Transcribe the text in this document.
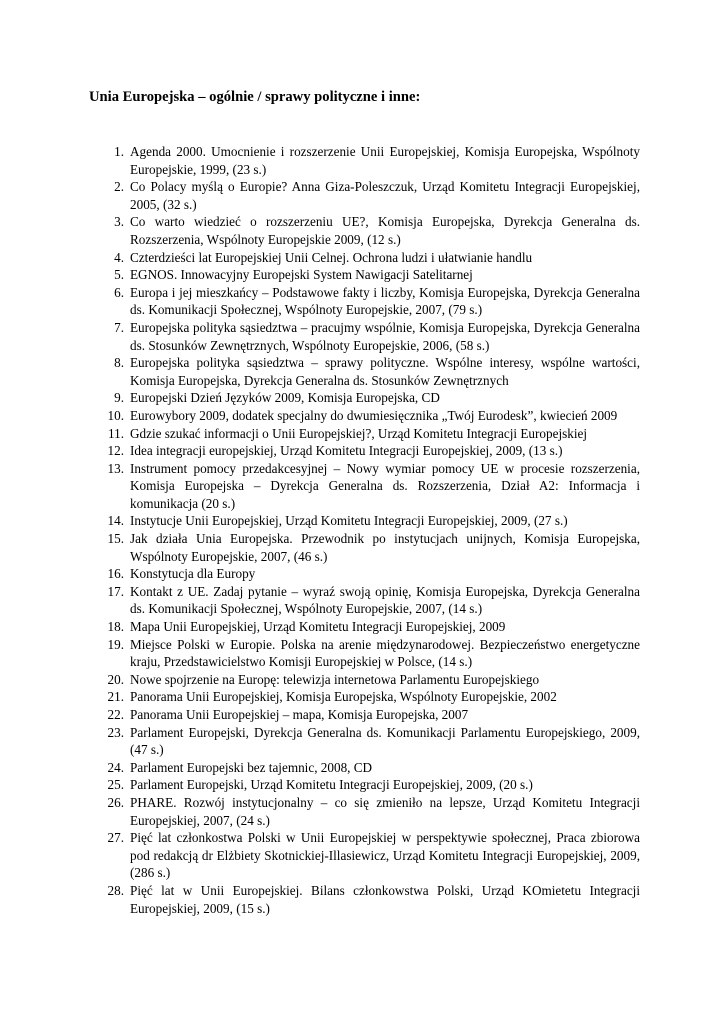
Unia Europejska – ogólnie / sprawy polityczne i inne:
1. Agenda 2000. Umocnienie i rozszerzenie Unii Europejskiej, Komisja Europejska, Wspólnoty Europejskie, 1999, (23 s.)
2. Co Polacy myślą o Europie? Anna Giza-Poleszczuk, Urząd Komitetu Integracji Europejskiej, 2005, (32 s.)
3. Co warto wiedzieć o rozszerzeniu UE?, Komisja Europejska, Dyrekcja Generalna ds. Rozszerzenia, Wspólnoty Europejskie 2009, (12 s.)
4. Czterdzieści lat Europejskiej Unii Celnej. Ochrona ludzi i ułatwianie handlu
5. EGNOS. Innowacyjny Europejski System Nawigacji Satelitarnej
6. Europa i jej mieszkańcy – Podstawowe fakty i liczby, Komisja Europejska, Dyrekcja Generalna ds. Komunikacji Społecznej, Wspólnoty Europejskie, 2007, (79 s.)
7. Europejska polityka sąsiedztwa – pracujmy wspólnie, Komisja Europejska, Dyrekcja Generalna ds. Stosunków Zewnętrznych, Wspólnoty Europejskie, 2006, (58 s.)
8. Europejska polityka sąsiedztwa – sprawy polityczne. Wspólne interesy, wspólne wartości, Komisja Europejska, Dyrekcja Generalna ds. Stosunków Zewnętrznych
9. Europejski Dzień Języków 2009, Komisja Europejska, CD
10. Eurowybory 2009, dodatek specjalny do dwumiesięcznika „Twój Eurodesk”, kwiecień 2009
11. Gdzie szukać informacji o Unii Europejskiej?, Urząd Komitetu Integracji Europejskiej
12. Idea integracji europejskiej, Urząd Komitetu Integracji Europejskiej, 2009, (13 s.)
13. Instrument pomocy przedakcesyjnej – Nowy wymiar pomocy UE w procesie rozszerzenia, Komisja Europejska – Dyrekcja Generalna ds. Rozszerzenia, Dział A2: Informacja i komunikacja (20 s.)
14. Instytucje Unii Europejskiej, Urząd Komitetu Integracji Europejskiej, 2009, (27 s.)
15. Jak działa Unia Europejska. Przewodnik po instytucjach unijnych, Komisja Europejska, Wspólnoty Europejskie, 2007, (46 s.)
16. Konstytucja dla Europy
17. Kontakt z UE. Zadaj pytanie – wyraź swoją opinię, Komisja Europejska, Dyrekcja Generalna ds. Komunikacji Społecznej, Wspólnoty Europejskie, 2007, (14 s.)
18. Mapa Unii Europejskiej, Urząd Komitetu Integracji Europejskiej, 2009
19. Miejsce Polski w Europie. Polska na arenie międzynarodowej. Bezpieczeństwo energetyczne kraju, Przedstawicielstwo Komisji Europejskiej w Polsce, (14 s.)
20. Nowe spojrzenie na Europę: telewizja internetowa Parlamentu Europejskiego
21. Panorama Unii Europejskiej, Komisja Europejska, Wspólnoty Europejskie, 2002
22. Panorama Unii Europejskiej – mapa, Komisja Europejska, 2007
23. Parlament Europejski, Dyrekcja Generalna ds. Komunikacji Parlamentu Europejskiego, 2009, (47 s.)
24. Parlament Europejski bez tajemnic, 2008, CD
25. Parlament Europejski, Urząd Komitetu Integracji Europejskiej, 2009, (20 s.)
26. PHARE. Rozwój instytucjonalny – co się zmieniło na lepsze, Urząd Komitetu Integracji Europejskiej, 2007, (24 s.)
27. Pięć lat członkostwa Polski w Unii Europejskiej w perspektywie społecznej, Praca zbiorowa pod redakcją dr Elżbiety Skotnickiej-Illasiewicz, Urząd Komitetu Integracji Europejskiej, 2009, (286 s.)
28. Pięć lat w Unii Europejskiej. Bilans członkowstwa Polski, Urząd KOmietetu Integracji Europejskiej, 2009, (15 s.)
